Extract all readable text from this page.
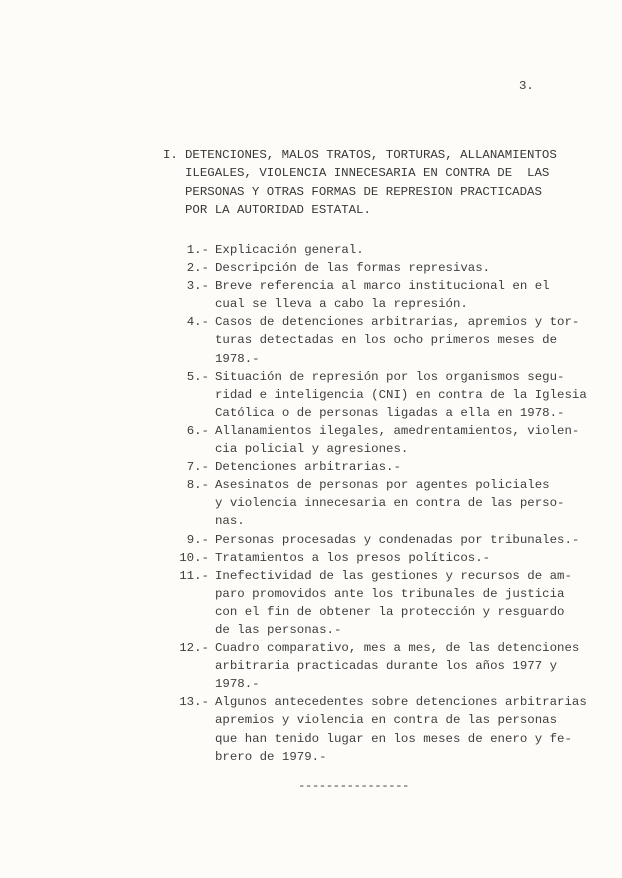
3.
I. DETENCIONES, MALOS TRATOS, TORTURAS, ALLANAMIENTOS
ILEGALES, VIOLENCIA INNECESARIA EN CONTRA DE  LAS
PERSONAS Y OTRAS FORMAS DE REPRESION PRACTICADAS
POR LA AUTORIDAD ESTATAL.
1.- Explicación general.
2.- Descripción de las formas represivas.
3.- Breve referencia al marco institucional en el
cual se lleva a cabo la represión.
4.- Casos de detenciones arbitrarias, apremios y tor-
turas detectadas en los ocho primeros meses de
1978.-
5.- Situación de represión por los organismos segu-
ridad e inteligencia (CNI) en contra de la Iglesia
Católica o de personas ligadas a ella en 1978.-
6.- Allanamientos ilegales, amedrentamientos, violen-
cia policial y agresiones.
7.- Detenciones arbitrarias.-
8.- Asesinatos de personas por agentes policiales
y violencia innecesaria en contra de las perso-
nas.
9.- Personas procesadas y condenadas por tribunales.-
10.- Tratamientos a los presos políticos.-
11.- Inefectividad de las gestiones y recursos de am-
paro promovidos ante los tribunales de justicia
con el fin de obtener la protección y resguardo
de las personas.-
12.- Cuadro comparativo, mes a mes, de las detenciones
arbitraria practicadas durante los años 1977 y
1978.-
13.- Algunos antecedentes sobre detenciones arbitrarias
apremios y violencia en contra de las personas
que han tenido lugar en los meses de enero y fe-
brero de 1979.-
----------------
